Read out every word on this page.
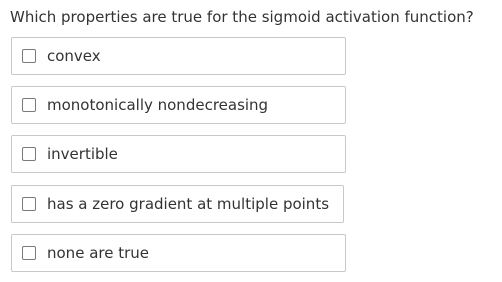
Which properties are true for the sigmoid activation function?
convex
monotonically nondecreasing
invertible
has a zero gradient at multiple points
none are true
